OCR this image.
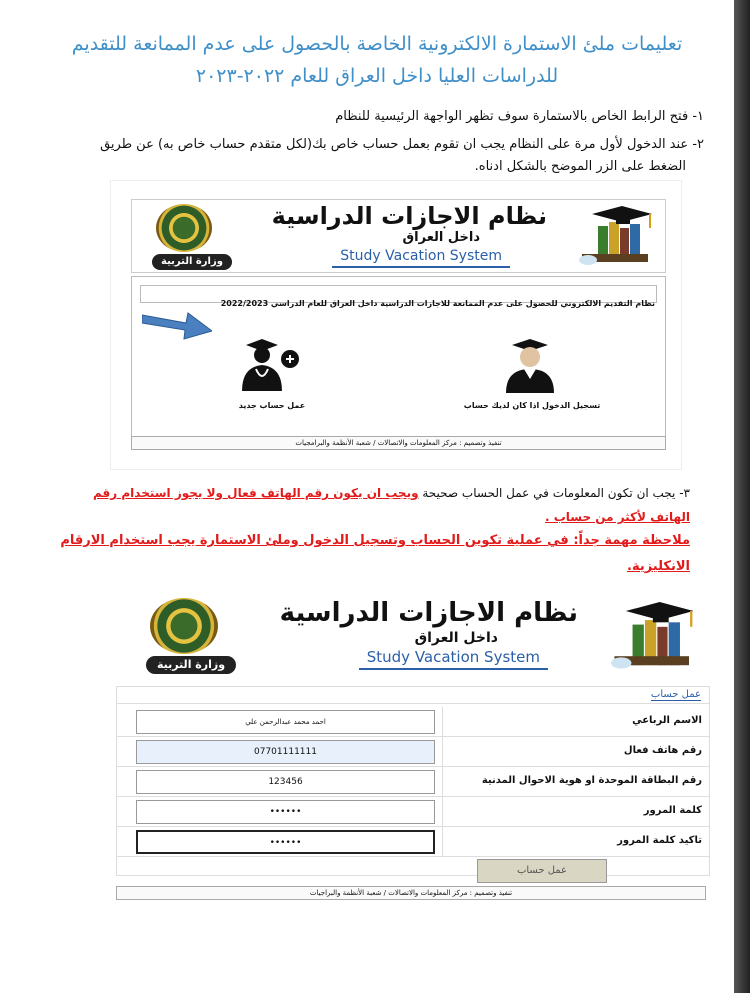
تعليمات ملئ الاستمارة الالكترونية الخاصة بالحصول على عدم الممانعة للتقديم
للدراسات العليا داخل العراق للعام ٢٠٢٢-٢٠٢٣
١- فتح الرابط الخاص بالاستمارة سوف تظهر الواجهة الرئيسية للنظام
٢- عند الدخول لأول مرة على النظام يجب ان تقوم بعمل حساب خاص بك(لكل متقدم حساب خاص به) عن طريق
الضغط على الزر الموضح بالشكل ادناه.
نظام الاجازات الدراسية
داخل العراق
Study Vacation System
وزارة التربية
نظام التقديم الالكتروني للحصول على عدم الممانعة للاجازات الدراسية داخل العراق للعام الدراسي 2022/2023
عمل حساب جديد	تسجيل الدخول اذا كان لديك حساب
تنفيذ وتصميم : مركز المعلومات والاتصالات / شعبة الأنظمة والبرامجيات
٣- يجب ان تكون المعلومات في عمل الحساب صحيحة ويجب ان يكون رقم الهاتف فعال ولا يجوز استخدام رقم
الهاتف لأكثر من حساب .
ملاحظة مهمة جداً: في عملية تكوين الحساب وتسجيل الدخول وملئ الاستمارة يجب استخدام الارقام
الانكليزية.
نظام الاجازات الدراسية
داخل العراق
Study Vacation System
وزارة التربية
عمل حساب
الاسم الرباعي
احمد محمد عبدالرحمن علي
رقم هاتف فعال
07701111111
رقم البطاقة الموحدة او هوية الاحوال المدنية
123456
كلمة المرور
••••••
تاكيد كلمة المرور
••••••
عمل حساب
تنفيذ وتصميم : مركز المعلومات والاتصالات / شعبة الأنظمة والبراجيات
